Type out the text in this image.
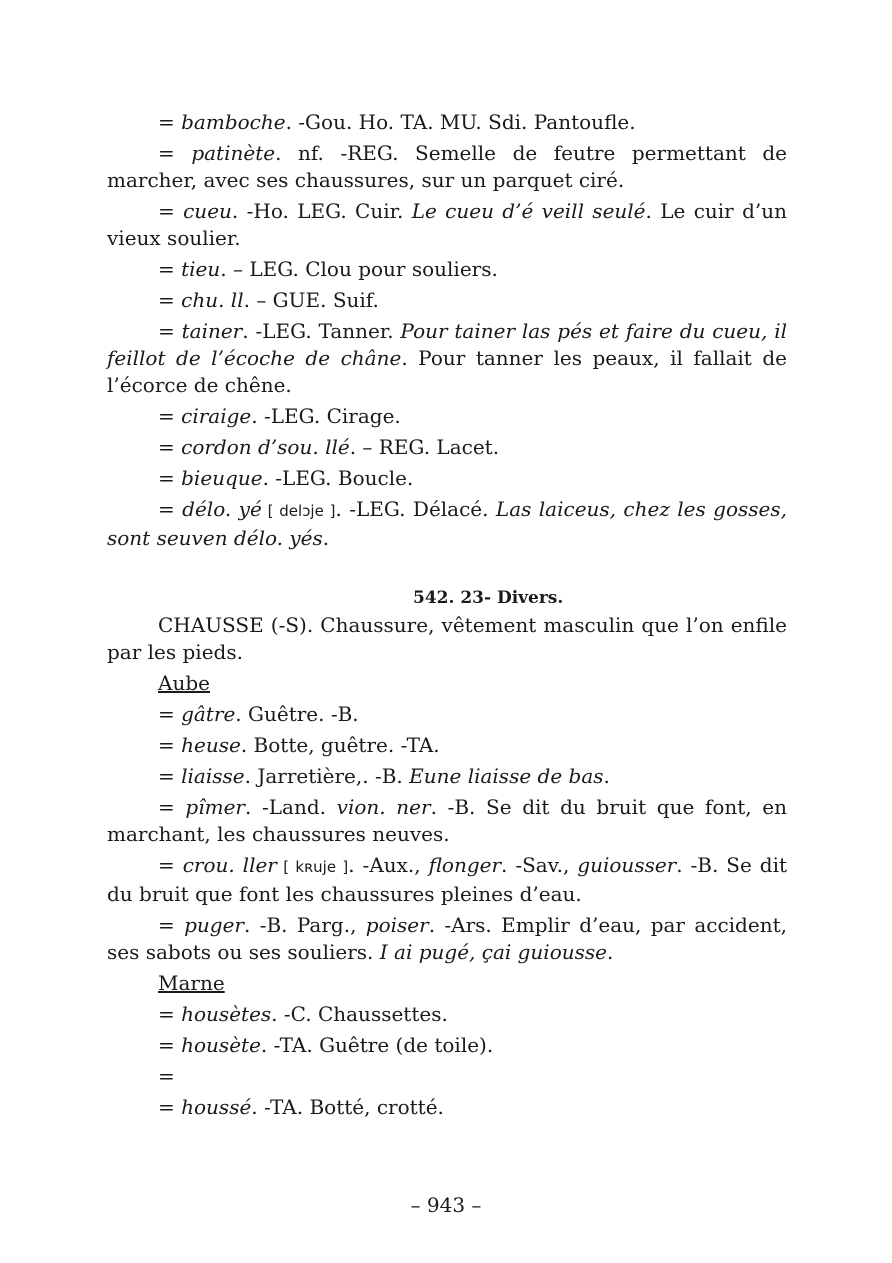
= bamboche. -Gou. Ho. TA. MU. Sdi. Pantoufle.

= patinète. nf. -REG. Semelle de feutre permettant de marcher, avec ses chaussures, sur un parquet ciré.

= cueu. -Ho. LEG. Cuir. Le cueu d’é veill seulé. Le cuir d’un vieux soulier.

= tieu. – LEG. Clou pour souliers.

= chu. ll. – GUE. Suif.

= tainer. -LEG. Tanner. Pour tainer las pés et faire du cueu, il feillot de l’écoche de châne. Pour tanner les peaux, il fallait de l’écorce de chêne.

= ciraige. -LEG. Cirage.

= cordon d’sou. llé. – REG. Lacet.

= bieuque. -LEG. Boucle.

= délo. yé [ delɔje ]. -LEG. Délacé. Las laiceus, chez les gosses, sont seuven délo. yés.

542. 23- Divers.

CHAUSSE (-S). Chaussure, vêtement masculin que l’on enfile par les pieds.

Aube

= gâtre. Guêtre. -B.

= heuse. Botte, guêtre. -TA.

= liaisse. Jarretière,. -B. Eune liaisse de bas.

= pîmer. -Land. vion. ner. -B. Se dit du bruit que font, en marchant, les chaussures neuves.

= crou. ller [ kʀuje ]. -Aux., flonger. -Sav., guiousser. -B. Se dit du bruit que font les chaussures pleines d’eau.

= puger. -B. Parg., poiser. -Ars. Emplir d’eau, par accident, ses sabots ou ses souliers. I ai pugé, çai guiousse.

Marne

= housètes. -C. Chaussettes.

= housète. -TA. Guêtre (de toile).

=

= houssé. -TA. Botté, crotté.

– 943 –
